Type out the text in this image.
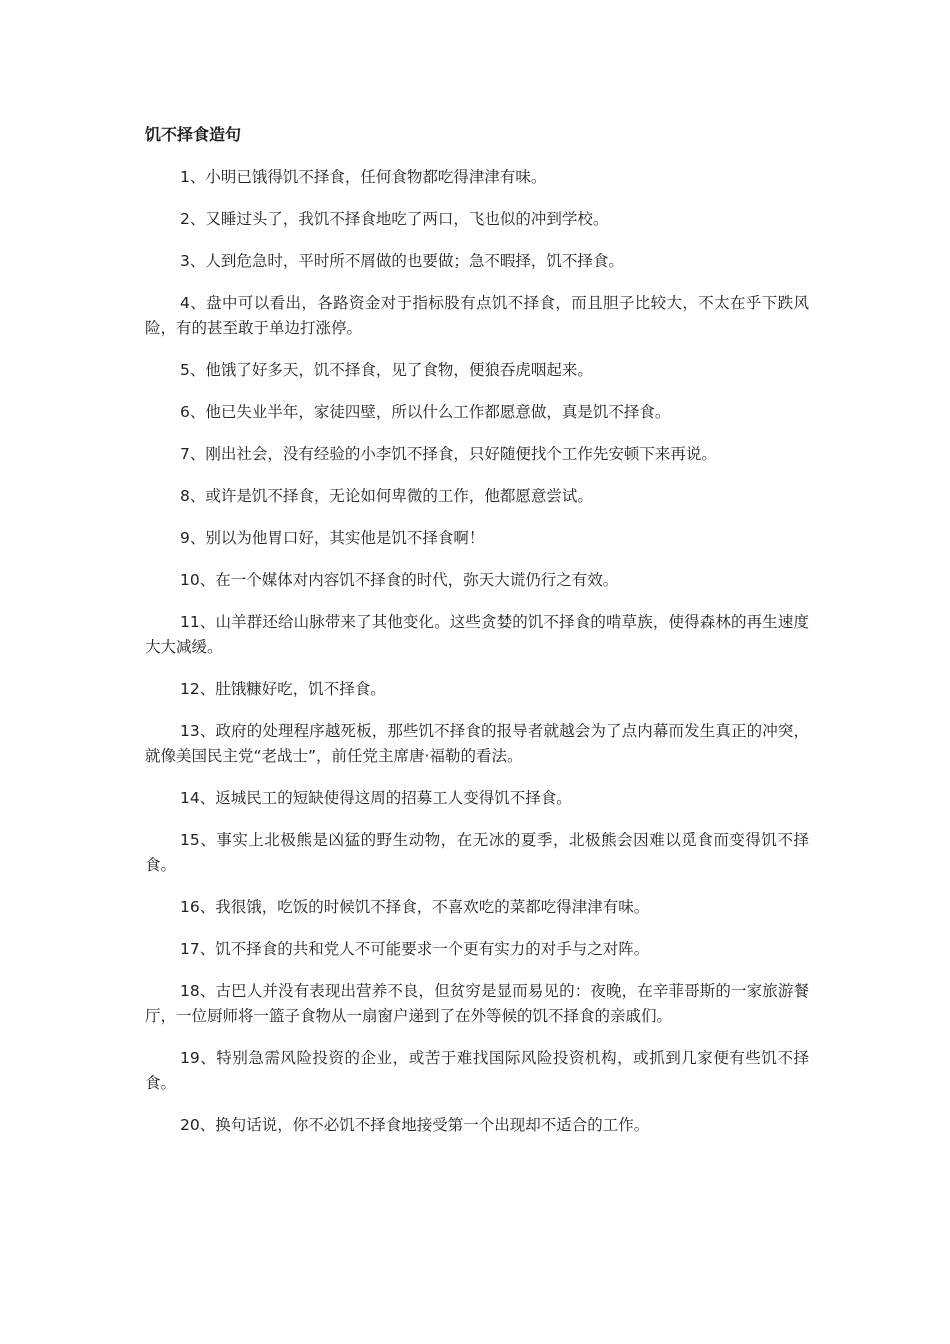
饥不择食造句

1、小明已饿得饥不择食，任何食物都吃得津津有味。

2、又睡过头了，我饥不择食地吃了两口，飞也似的冲到学校。

3、人到危急时，平时所不屑做的也要做；急不暇择，饥不择食。

4、盘中可以看出，各路资金对于指标股有点饥不择食，而且胆子比较大，不太在乎下跌风险，有的甚至敢于单边打涨停。

5、他饿了好多天，饥不择食，见了食物，便狼吞虎咽起来。

6、他已失业半年，家徒四壁，所以什么工作都愿意做，真是饥不择食。

7、刚出社会，没有经验的小李饥不择食，只好随便找个工作先安顿下来再说。

8、或许是饥不择食，无论如何卑微的工作，他都愿意尝试。

9、别以为他胃口好，其实他是饥不择食啊！

10、在一个媒体对内容饥不择食的时代，弥天大谎仍行之有效。

11、山羊群还给山脉带来了其他变化。这些贪婪的饥不择食的啃草族，使得森林的再生速度大大减缓。

12、肚饿糠好吃，饥不择食。

13、政府的处理程序越死板，那些饥不择食的报导者就越会为了点内幕而发生真正的冲突，就像美国民主党“老战士”，前任党主席唐·福勒的看法。

14、返城民工的短缺使得这周的招募工人变得饥不择食。

15、事实上北极熊是凶猛的野生动物，在无冰的夏季，北极熊会因难以觅食而变得饥不择食。

16、我很饿，吃饭的时候饥不择食，不喜欢吃的菜都吃得津津有味。

17、饥不择食的共和党人不可能要求一个更有实力的对手与之对阵。

18、古巴人并没有表现出营养不良，但贫穷是显而易见的：夜晚，在辛菲哥斯的一家旅游餐厅，一位厨师将一篮子食物从一扇窗户递到了在外等候的饥不择食的亲戚们。

19、特别急需风险投资的企业，或苦于难找国际风险投资机构，或抓到几家便有些饥不择食。

20、换句话说，你不必饥不择食地接受第一个出现却不适合的工作。
